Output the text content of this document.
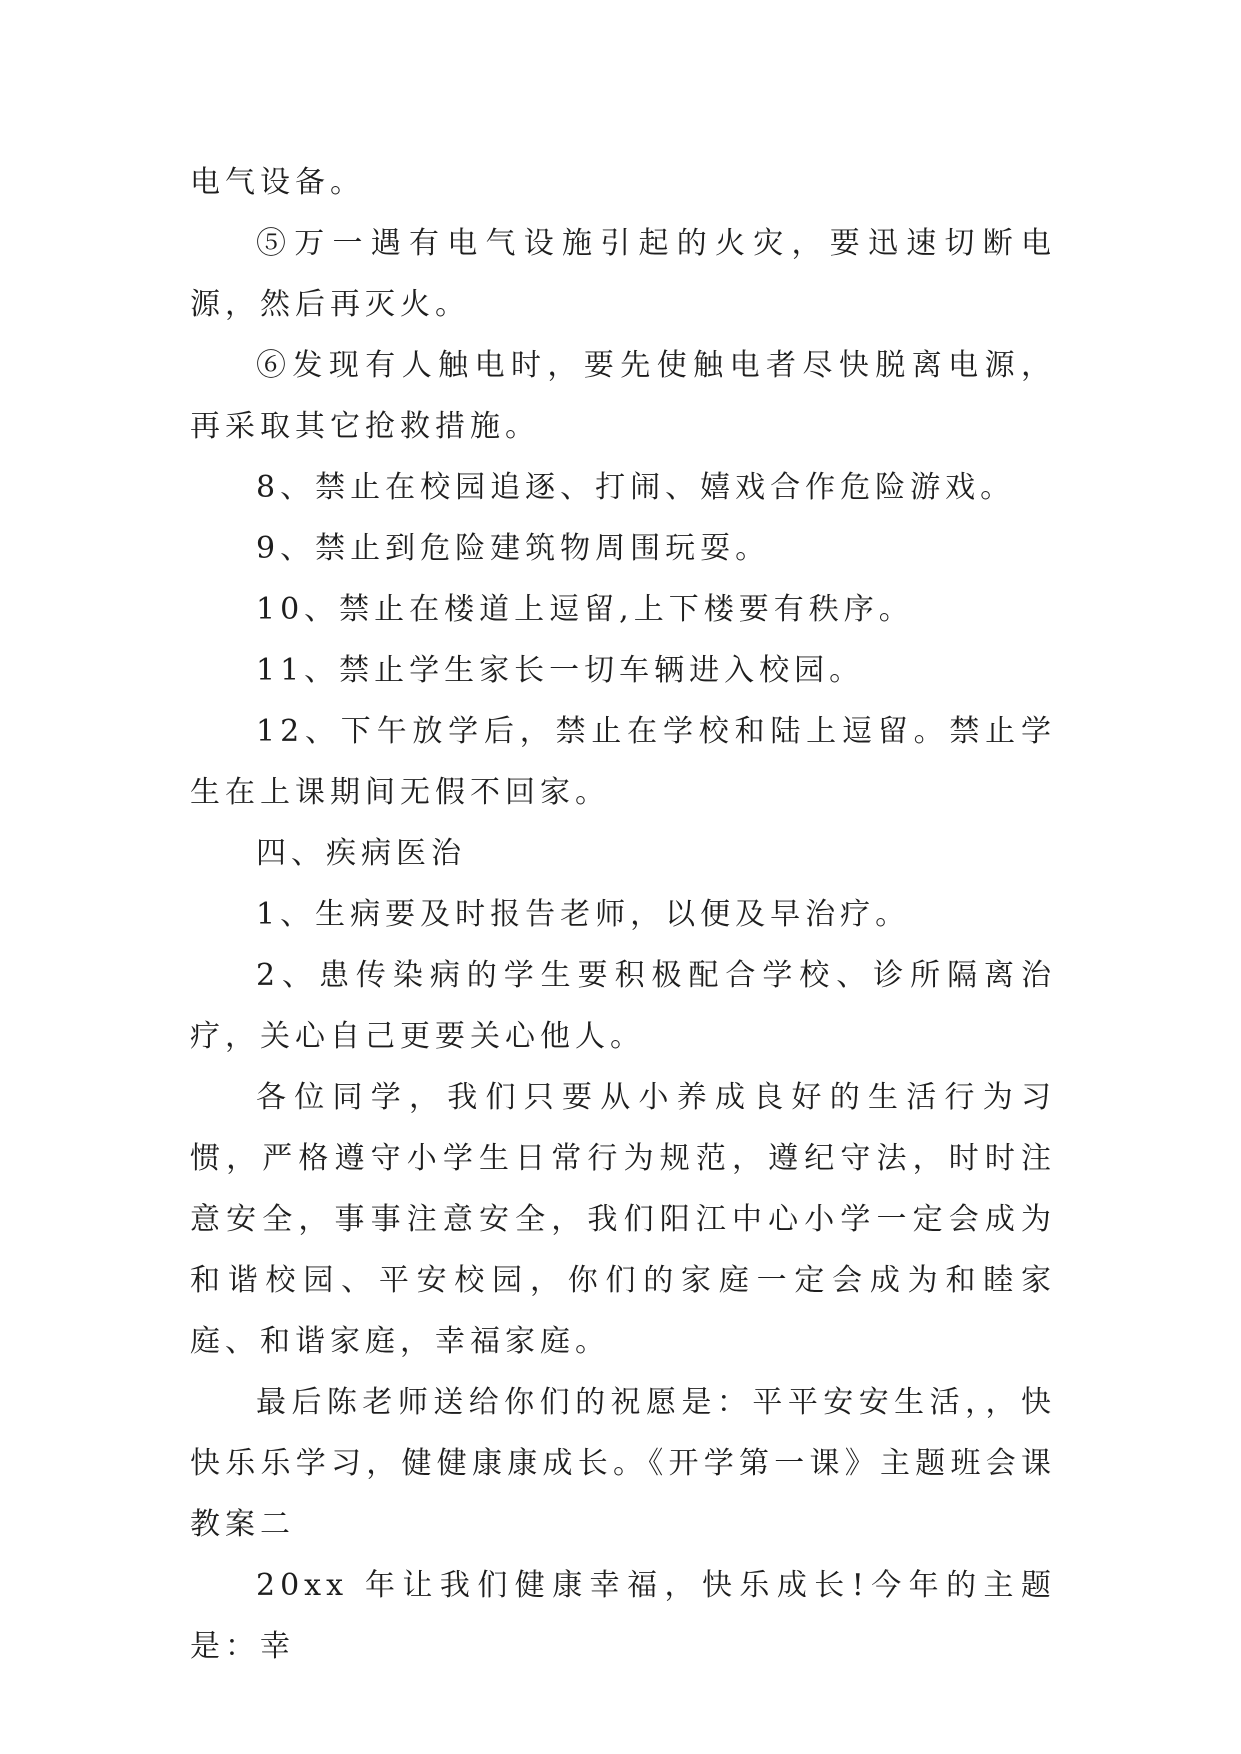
电气设备。

⑤万一遇有电气设施引起的火灾，要迅速切断电源，然后再灭火。

⑥发现有人触电时，要先使触电者尽快脱离电源，再采取其它抢救措施。

8、禁止在校园追逐、打闹、嬉戏合作危险游戏。

9、禁止到危险建筑物周围玩耍。

10、禁止在楼道上逗留,上下楼要有秩序。

11、禁止学生家长一切车辆进入校园。

12、下午放学后，禁止在学校和陆上逗留。禁止学生在上课期间无假不回家。

四、疾病医治

1、生病要及时报告老师，以便及早治疗。

2、患传染病的学生要积极配合学校、诊所隔离治疗，关心自己更要关心他人。

各位同学，我们只要从小养成良好的生活行为习惯，严格遵守小学生日常行为规范，遵纪守法，时时注意安全，事事注意安全，我们阳江中心小学一定会成为和谐校园、平安校园，你们的家庭一定会成为和睦家庭、和谐家庭，幸福家庭。

最后陈老师送给你们的祝愿是：平平安安生活，，快快乐乐学习，健健康康成长。《开学第一课》主题班会课教案二

20xx 年让我们健康幸福，快乐成长!今年的主题是：幸
